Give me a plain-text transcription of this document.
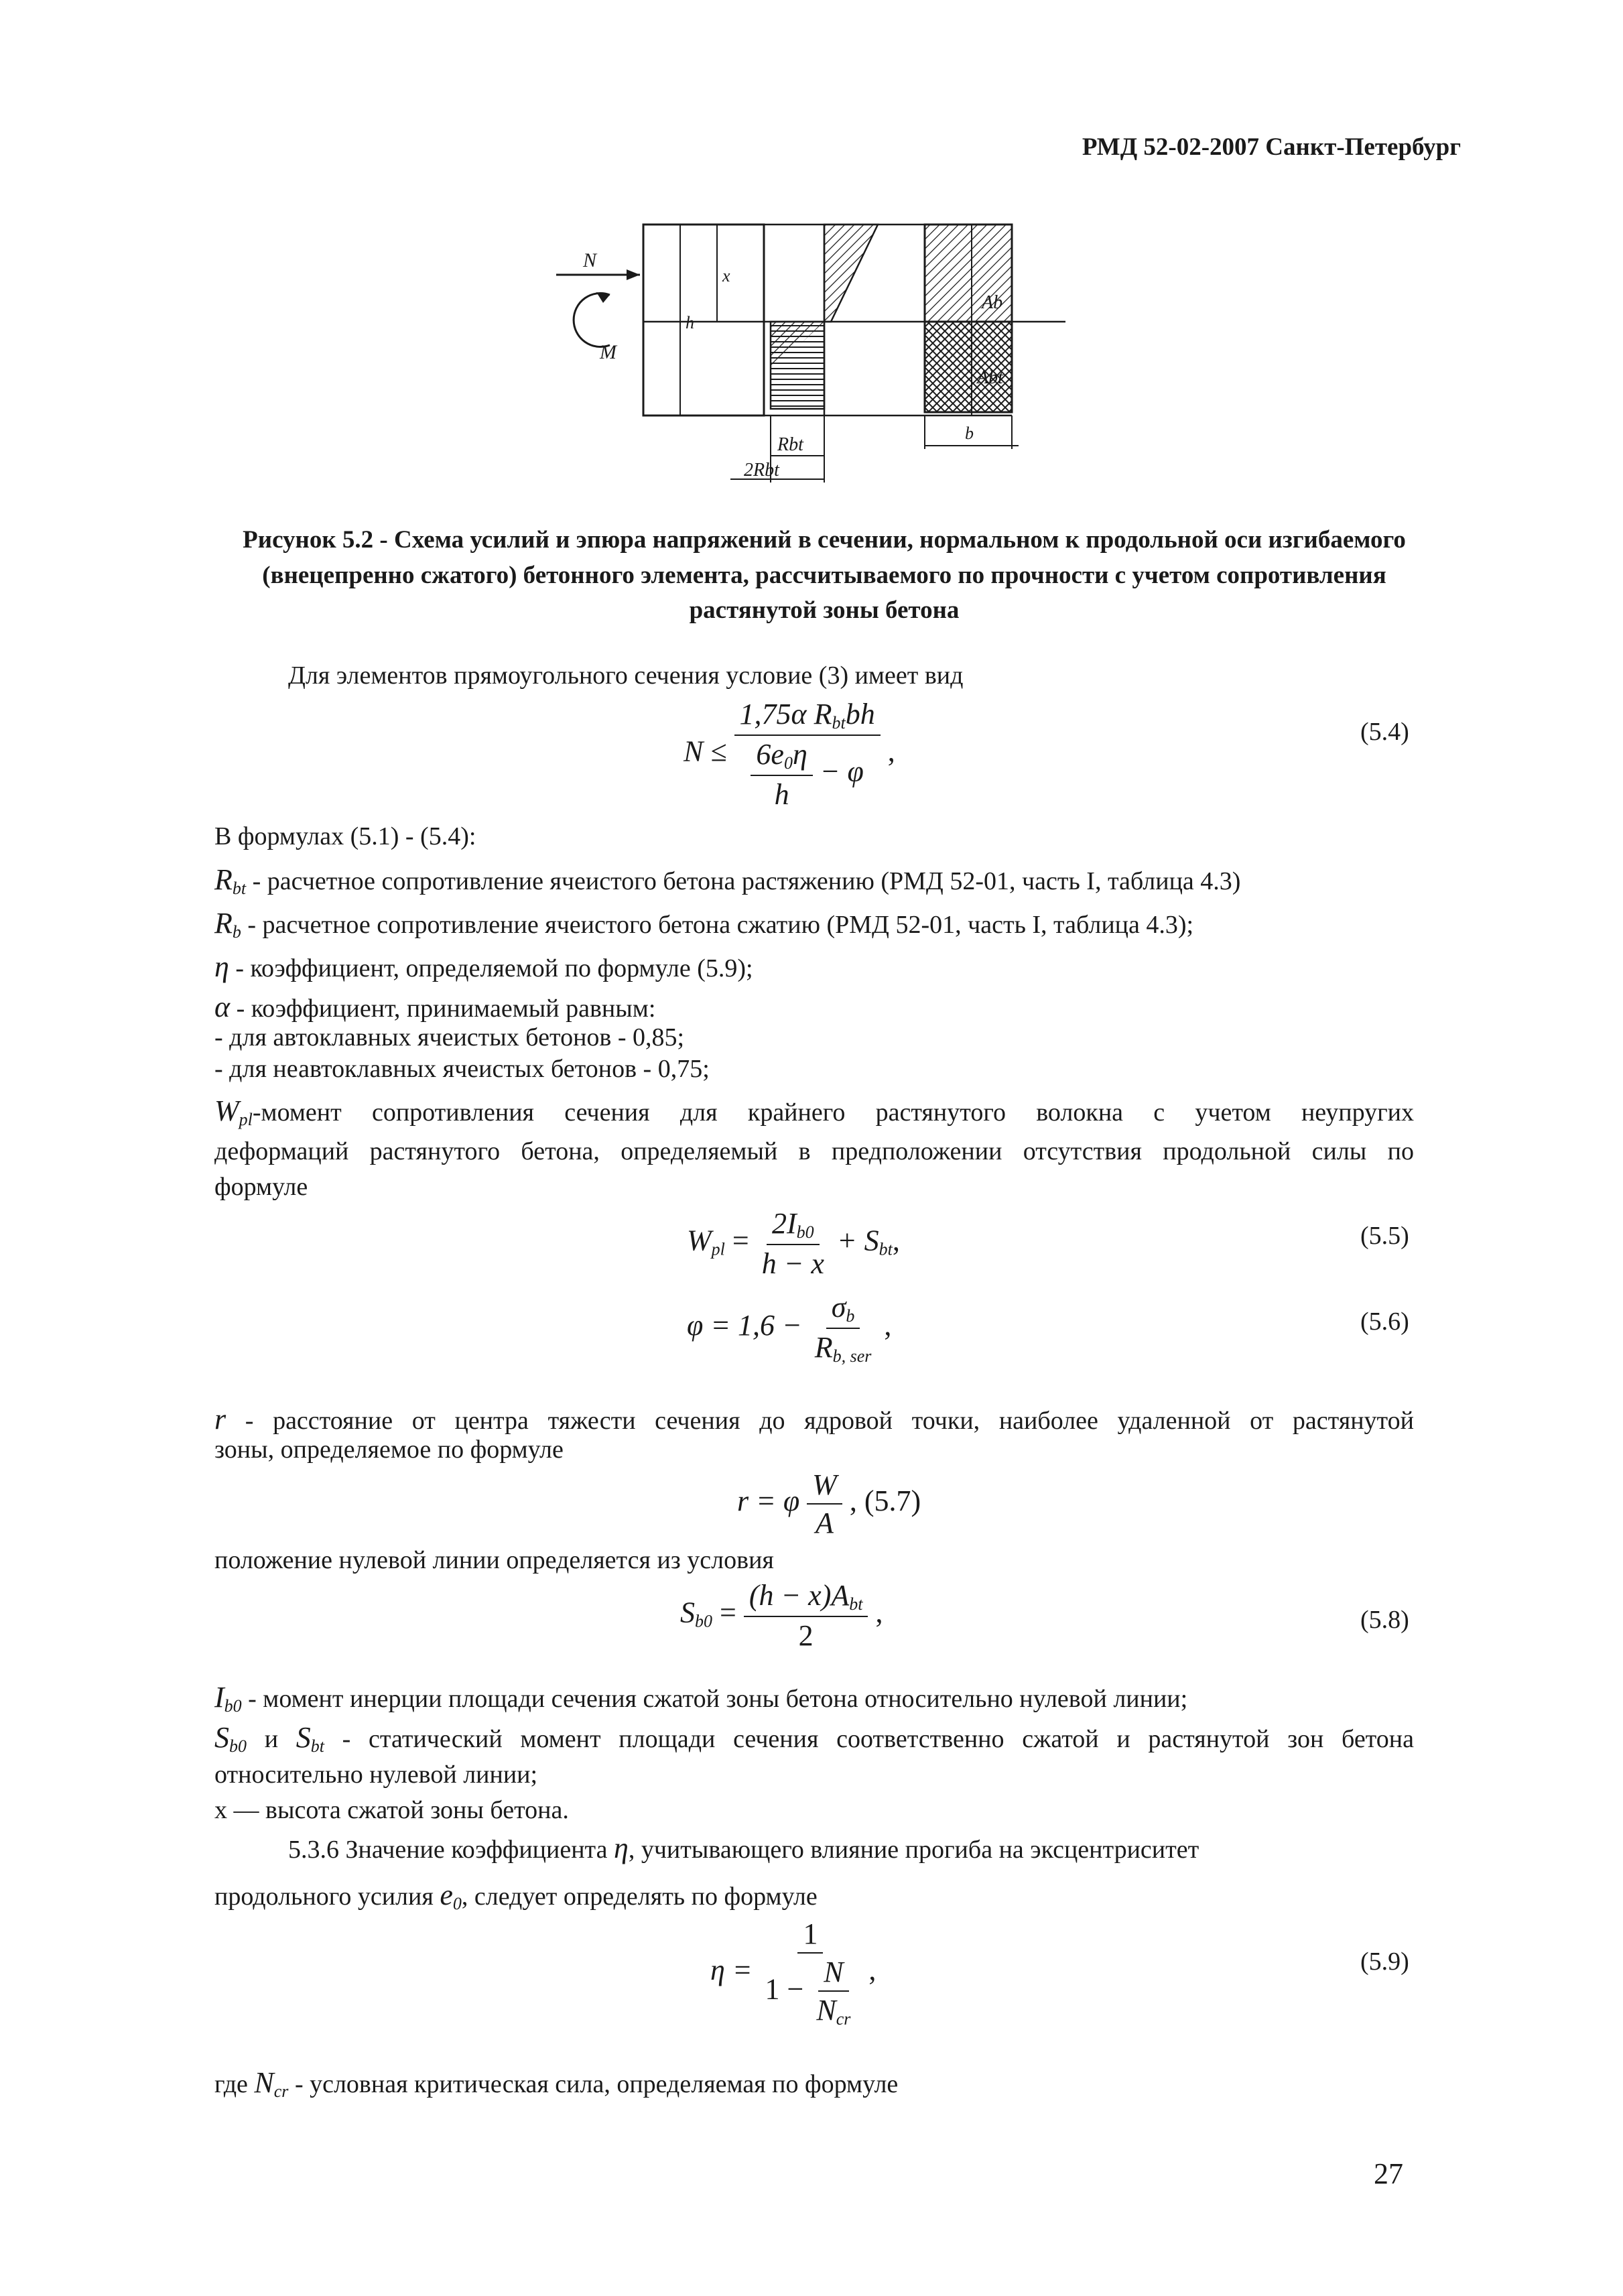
РМД 52-02-2007 Санкт-Петербург
N
M
x
h
Rbt
2Rbt
Ab
Abt
b
Рисунок 5.2 - Схема усилий и эпюра напряжений в сечении, нормальном к продольной оси изгибаемого (внецепренно сжатого) бетонного элемента, рассчитываемого по прочности с учетом сопротивления растянутой зоны бетона
Для элементов прямоугольного сечения условие (3) имеет вид
$N \le \frac{1,75\alpha R_{bt}bh}{\frac{6e_0\eta}{h} - \varphi}$ ,
(5.4)
В формулах (5.1) - (5.4):
$R_{bt}$ - расчетное сопротивление ячеистого бетона растяжению (РМД 52-01, часть I, таблица 4.3)
$R_b$ - расчетное сопротивление ячеистого бетона сжатию (РМД 52-01, часть I, таблица 4.3);
η - коэффициент, определяемой по формуле (5.9);
α - коэффициент, принимаемый равным:
- для автоклавных ячеистых бетонов - 0,85;
- для неавтоклавных ячеистых бетонов - 0,75;
$W_{pl}$-момент сопротивления сечения для крайнего растянутого волокна с учетом неупругих
деформаций растянутого бетона, определяемый в предположении отсутствия продольной силы по
формуле
$W_{pl} = \frac{2I_{b0}}{h - x} + S_{bt}$,	(5.5)
$\varphi = 1,6 - \frac{\sigma_b}{R_{b, ser}}$ ,	(5.6)
r - расстояние от центра тяжести сечения до ядровой точки, наиболее удаленной от растянутой
зоны, определяемое по формуле
r = φ $\frac{W}{A}$ , (5.7)
положение нулевой линии определяется из условия
$S_{b0} = \frac{(h - x)A_{bt}}{2}$ ,	(5.8)
$I_{b0}$ - момент инерции площади сечения сжатой зоны бетона относительно нулевой линии;
$S_{b0}$ и $S_{bt}$ - статический момент площади сечения соответственно сжатой и растянутой зон бетона
относительно нулевой линии;
x — высота сжатой зоны бетона.
5.3.6 Значение коэффициента η, учитывающего влияние прогиба на эксцентриситет
продольного усилия $e_0$, следует определять по формуле
$\eta = \frac{1}{1 - \frac{N}{N_{cr}}}$ ,	(5.9)
где $N_{cr}$ - условная критическая сила, определяемая по формуле
27
